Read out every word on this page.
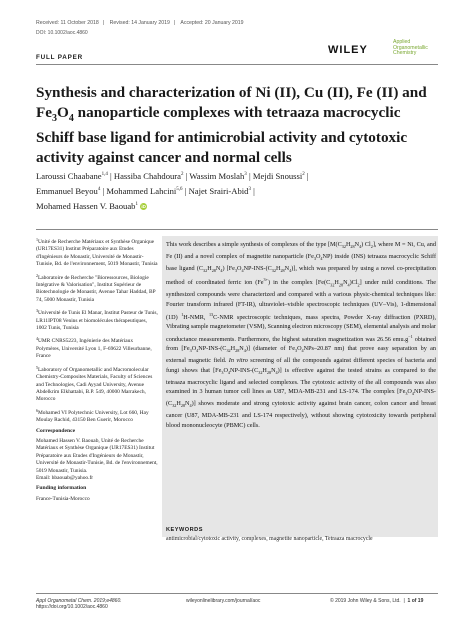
Received: 11 October 2018 | Revised: 14 January 2019 | Accepted: 20 January 2019
DOI: 10.1002/aoc.4860
WILEY
Applied
Organometallic
Chemistry
FULL PAPER
Synthesis and characterization of Ni (II), Cu (II), Fe (II) and $Fe_3O_4$ nanoparticle complexes with tetraaza macrocyclic Schiff base ligand for antimicrobial activity and cytotoxic activity against cancer and normal cells
Laroussi Chaabane$^{1,4}$ | Hassiba Chahdoura$^2$ | Wassim Moslah$^3$ | Mejdi Snoussi$^2$ |
Emmanuel Beyou$^4$ | Mohammed Lahcini$^{5,6}$ | Najet Srairi-Abid$^3$ |
Mohamed Hassen V. Baouab$^1$ iD

$^1$Unité de Recherche Matériaux et Synthèse Organique (UR17ES31) Institut Préparatoire aux Etudes d'Ingénieurs de Monastir, Université de Monastir-Tunisie, Bd. de l'environnement, 5019 Monastir, Tunisia

$^2$Laboratoire de Recherche "Bioressources, Biologie Intégrative & Valorisation", Institut Supérieur de Biotechnologie de Monastir, Avenue Tahar Haddad, BP 74, 5000 Monastir, Tunisia

$^3$Université de Tunis El Manar, Institut Pasteur de Tunis, LR11IPT08 Venins et biomolécules thérapeutiques, 1002 Tunis, Tunisia

$^4$UMR CNRS5223, Ingénierie des Matériaux Polymères, Université Lyon 1, F-69622 Villeurbanne, France

$^5$Laboratory of Organometallic and Macromolecular Chemistry-Composites Materials, Faculty of Sciences and Technologies, Cadi Ayyad University, Avenue Abdelkrim Elkhattabi, B.P. 549, 40000 Marrakech, Morocco

$^6$Mohamed VI Polytechnic University, Lot 660, Hay Moulay Rachid, 43150 Ben Guerir, Morocco

Correspondence

Mohamed Hassen V. Baouab, Unité de Recherche Matériaux et Synthèse Organique (UR17ES31) Institut Préparatoire aux Etudes d'Ingénieurs de Monastir, Université de Monastir-Tunisie, Bd. de l'environnement, 5019 Monastir, Tunisia.

Email: hbaouab@yahoo.fr

Funding information

France-Tunisia-Morocco

This work describes a simple synthesis of complexes of the type [$M(C_{32}H_{28}N_4)$ $Cl_2$], where M = Ni, Cu, and Fe (II) and a novel complex of magnetite nanoparticle $(Fe_3O_4NP)$ inside (INS) tetraaza macrocyclic Schiff base ligand $(C_{32}H_{28}N_4)$ $[Fe_3O_4NP-INS-(C_{32}H_{28}N_4)]$, which was prepared by using a novel co-precipitation method of coordinated ferric ion $(Fe^{3+})$ in the complex $[Fe(C_{32}H_{28}N_4)Cl_2]$ under mild conditions. The synthesized compounds were characterized and compared with a various physic-chemical techniques like: Fourier transform infrared (FT-IR), ultraviolet–visible spectroscopic techniques (UV–Vis), 1-dimensional (1D) $^1$H-NMR, $^{13}$C-NMR spectroscopic techniques, mass spectra, Powder X-ray diffraction (PXRD), Vibrating sample magnetometer (VSM), Scanning electron microscopy (SEM), elemental analysis and molar conductance measurements. Furthermore, the highest saturation magnetization was 26.56 $emu.g^{-1}$ obtained from $[Fe_3O_4NP-INS-(C_{32}H_{28}N_4)]$ (diameter of $Fe_3O_4NPs-20.87$ nm) that prove easy separation by an external magnetic field. In vitro screening of all the compounds against different species of bacteria and fungi shows that $[Fe_3O_4NP-INS-(C_{32}H_{28}N_4)]$ is effective against the tested strains as compared to the tetraaza macrocyclic ligand and selected complexes. The cytotoxic activity of the all compounds was also examined in 3 human tumor cell lines as U87, MDA-MB-231 and LS-174. The complex $[Fe_3O_4NP-INS-(C_{32}H_{28}N_4)]$ shows moderate and strong cytotoxic activity against brain cancer, colon cancer and breast cancer (U87, MDA-MB-231 and LS-174 respectively), without showing cytotoxicity towards peripheral blood mononucleocyte (PBMC) cells.
KEYWORDS
antimicrobial/cytotoxic activity, complexes, magnetite nanoparticle, Tetraaza macrocycle
Appl Organometal Chem. 2019;e4860.
https://doi.org/10.1002/aoc.4860
wileyonlinelibrary.com/journal/aoc	© 2019 John Wiley & Sons, Ltd.  |  1 of 19
